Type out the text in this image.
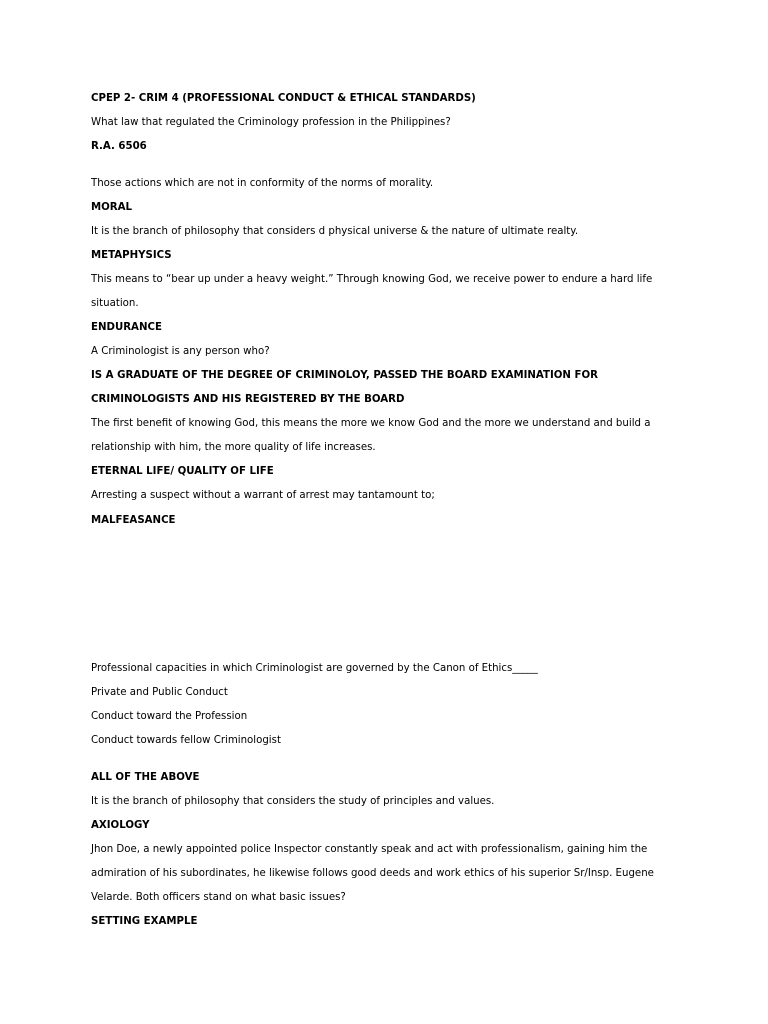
CPEP 2- CRIM 4 (PROFESSIONAL CONDUCT & ETHICAL STANDARDS)
What law that regulated the Criminology profession in the Philippines?
R.A. 6506
Those actions which are not in conformity of the norms of morality.
MORAL
It is the branch of philosophy that considers d physical universe & the nature of ultimate realty.
METAPHYSICS
This means to “bear up under a heavy weight.” Through knowing God, we receive power to endure a hard life
situation.
ENDURANCE
A Criminologist is any person who?
IS A GRADUATE OF THE DEGREE OF CRIMINOLOY, PASSED THE BOARD EXAMINATION FOR
CRIMINOLOGISTS AND HIS REGISTERED BY THE BOARD
The first benefit of knowing God, this means the more we know God and the more we understand and build a
relationship with him, the more quality of life increases.
ETERNAL LIFE/ QUALITY OF LIFE
Arresting a suspect without a warrant of arrest may tantamount to;
MALFEASANCE
Professional capacities in which Criminologist are governed by the Canon of Ethics_____
Private and Public Conduct
Conduct toward the Profession
Conduct towards fellow Criminologist
ALL OF THE ABOVE
It is the branch of philosophy that considers the study of principles and values.
AXIOLOGY
Jhon Doe, a newly appointed police Inspector constantly speak and act with professionalism, gaining him the
admiration of his subordinates, he likewise follows good deeds and work ethics of his superior Sr/Insp. Eugene
Velarde. Both officers stand on what basic issues?
SETTING EXAMPLE
